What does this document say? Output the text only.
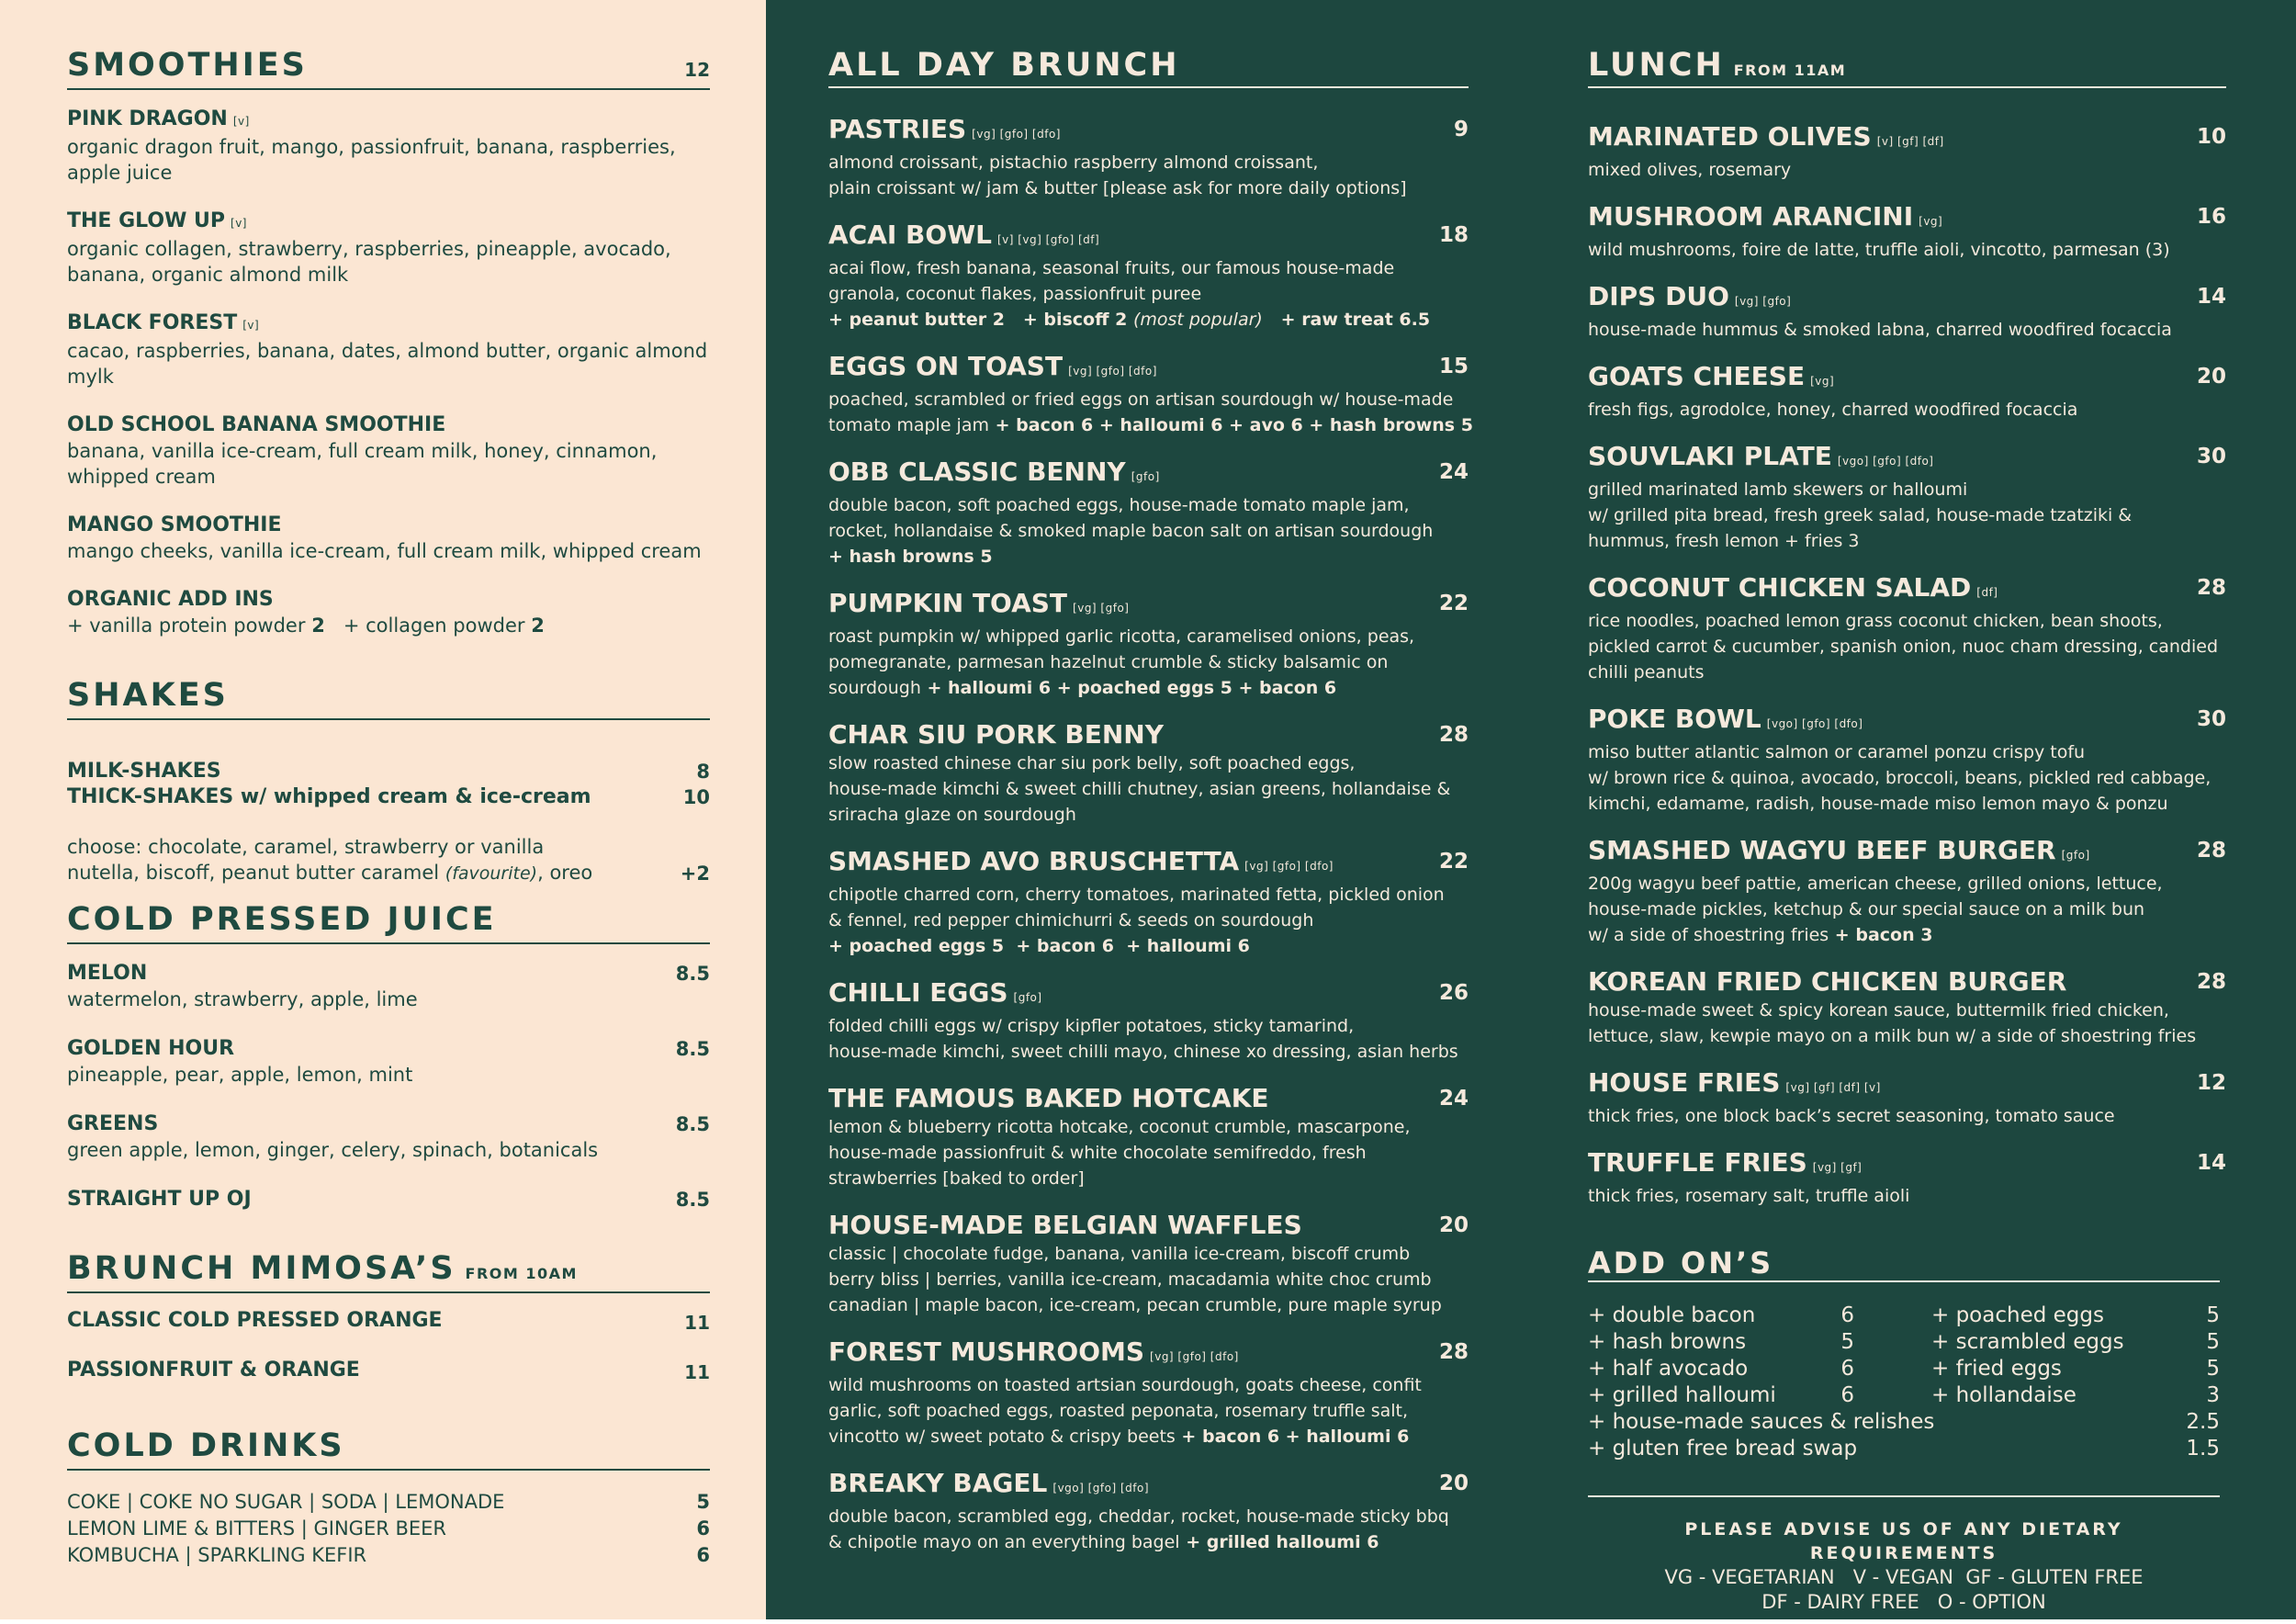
SMOOTHIES	12
PINK DRAGON [v]
organic dragon fruit, mango, passionfruit, banana, raspberries, apple juice
THE GLOW UP [v]
organic collagen, strawberry, raspberries, pineapple, avocado, banana, organic almond milk
BLACK FOREST [v]
cacao, raspberries, banana, dates, almond butter, organic almond mylk
OLD SCHOOL BANANA SMOOTHIE
banana, vanilla ice-cream, full cream milk, honey, cinnamon, whipped cream
MANGO SMOOTHIE
mango cheeks, vanilla ice-cream, full cream milk, whipped cream
ORGANIC ADD INS
+ vanilla protein powder 2 + collagen powder 2
SHAKES
MILK-SHAKES	8
THICK-SHAKES w/ whipped cream & ice-cream	10
choose: chocolate, caramel, strawberry or vanilla
nutella, biscoff, peanut butter caramel (favourite), oreo	+2
COLD PRESSED JUICE
MELON	8.5
watermelon, strawberry, apple, lime
GOLDEN HOUR	8.5
pineapple, pear, apple, lemon, mint
GREENS	8.5
green apple, lemon, ginger, celery, spinach, botanicals
STRAIGHT UP OJ	8.5
BRUNCH MIMOSA’S FROM 10AM
CLASSIC COLD PRESSED ORANGE	11
PASSIONFRUIT & ORANGE	11
COLD DRINKS
COKE | COKE NO SUGAR | SODA | LEMONADE	5
LEMON LIME & BITTERS | GINGER BEER	6
KOMBUCHA | SPARKLING KEFIR	6
ALL DAY BRUNCH
PASTRIES [vg] [gfo] [dfo]	9
almond croissant, pistachio raspberry almond croissant,
plain croissant w/ jam & butter [please ask for more daily options]
ACAI BOWL [v] [vg] [gfo] [df]	18
acai flow, fresh banana, seasonal fruits, our famous house-made
granola, coconut flakes, passionfruit puree
+ peanut butter 2   + biscoff 2 (most popular)   + raw treat 6.5
EGGS ON TOAST [vg] [gfo] [dfo]	15
poached, scrambled or fried eggs on artisan sourdough w/ house-made
tomato maple jam + bacon 6 + halloumi 6 + avo 6 + hash browns 5
OBB CLASSIC BENNY [gfo]	24
double bacon, soft poached eggs, house-made tomato maple jam,
rocket, hollandaise & smoked maple bacon salt on artisan sourdough
+ hash browns 5
PUMPKIN TOAST [vg] [gfo]	22
roast pumpkin w/ whipped garlic ricotta, caramelised onions, peas,
pomegranate, parmesan hazelnut crumble & sticky balsamic on
sourdough + halloumi 6 + poached eggs 5 + bacon 6
CHAR SIU PORK BENNY	28
slow roasted chinese char siu pork belly, soft poached eggs,
house-made kimchi & sweet chilli chutney, asian greens, hollandaise &
sriracha glaze on sourdough
SMASHED AVO BRUSCHETTA [vg] [gfo] [dfo]	22
chipotle charred corn, cherry tomatoes, marinated fetta, pickled onion
& fennel, red pepper chimichurri & seeds on sourdough
+ poached eggs 5  + bacon 6  + halloumi 6
CHILLI EGGS [gfo]	26
folded chilli eggs w/ crispy kipfler potatoes, sticky tamarind,
house-made kimchi, sweet chilli mayo, chinese xo dressing, asian herbs
THE FAMOUS BAKED HOTCAKE	24
lemon & blueberry ricotta hotcake, coconut crumble, mascarpone,
house-made passionfruit & white chocolate semifreddo, fresh
strawberries [baked to order]
HOUSE-MADE BELGIAN WAFFLES	20
classic | chocolate fudge, banana, vanilla ice-cream, biscoff crumb
berry bliss | berries, vanilla ice-cream, macadamia white choc crumb
canadian | maple bacon, ice-cream, pecan crumble, pure maple syrup
FOREST MUSHROOMS [vg] [gfo] [dfo]	28
wild mushrooms on toasted artsian sourdough, goats cheese, confit
garlic, soft poached eggs, roasted peponata, rosemary truffle salt,
vincotto w/ sweet potato & crispy beets + bacon 6 + halloumi 6
BREAKY BAGEL [vgo] [gfo] [dfo]	20
double bacon, scrambled egg, cheddar, rocket, house-made sticky bbq
& chipotle mayo on an everything bagel + grilled halloumi 6
LUNCH FROM 11AM
MARINATED OLIVES [v] [gf] [df]	10
mixed olives, rosemary
MUSHROOM ARANCINI [vg]	16
wild mushrooms, foire de latte, truffle aioli, vincotto, parmesan (3)
DIPS DUO [vg] [gfo]	14
house-made hummus & smoked labna, charred woodfired focaccia
GOATS CHEESE [vg]	20
fresh figs, agrodolce, honey, charred woodfired focaccia
SOUVLAKI PLATE [vgo] [gfo] [dfo]	30
grilled marinated lamb skewers or halloumi
w/ grilled pita bread, fresh greek salad, house-made tzatziki &
hummus, fresh lemon + fries 3
COCONUT CHICKEN SALAD [df]	28
rice noodles, poached lemon grass coconut chicken, bean shoots,
pickled carrot & cucumber, spanish onion, nuoc cham dressing, candied
chilli peanuts
POKE BOWL [vgo] [gfo] [dfo]	30
miso butter atlantic salmon or caramel ponzu crispy tofu
w/ brown rice & quinoa, avocado, broccoli, beans, pickled red cabbage,
kimchi, edamame, radish, house-made miso lemon mayo & ponzu
SMASHED WAGYU BEEF BURGER [gfo]	28
200g wagyu beef pattie, american cheese, grilled onions, lettuce,
house-made pickles, ketchup & our special sauce on a milk bun
w/ a side of shoestring fries + bacon 3
KOREAN FRIED CHICKEN BURGER	28
house-made sweet & spicy korean sauce, buttermilk fried chicken,
lettuce, slaw, kewpie mayo on a milk bun w/ a side of shoestring fries
HOUSE FRIES [vg] [gf] [df] [v]	12
thick fries, one block back’s secret seasoning, tomato sauce
TRUFFLE FRIES [vg] [gf]	14
thick fries, rosemary salt, truffle aioli
ADD ON’S
+ double bacon	6
+ hash browns	5
+ half avocado	6
+ grilled halloumi	6
+ poached eggs	5
+ scrambled eggs	5
+ fried eggs	5
+ hollandaise	3
+ house-made sauces & relishes	2.5
+ gluten free bread swap	1.5
PLEASE ADVISE US OF ANY DIETARY REQUIREMENTS
VG - VEGETARIAN   V - VEGAN  GF - GLUTEN FREE
DF - DAIRY FREE   O - OPTION
